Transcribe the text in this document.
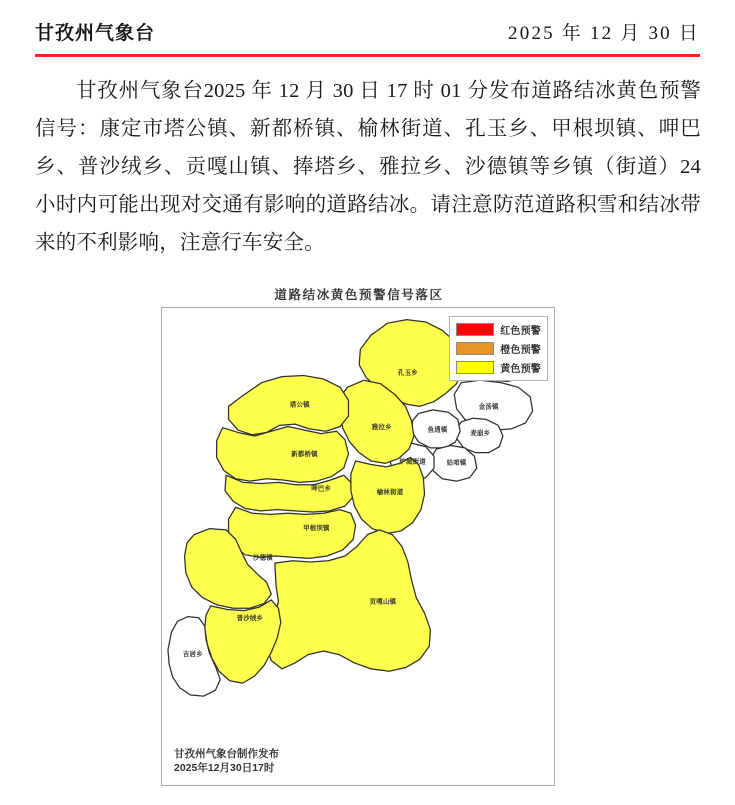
甘孜州气象台	2025 年 12 月 30 日

甘孜州气象台2025 年 12 月 30 日 17 时 01 分发布道路结冰黄色预警信号：康定市塔公镇、新都桥镇、榆林街道、孔玉乡、甲根坝镇、呷巴乡、普沙绒乡、贡嘎山镇、捧塔乡、雅拉乡、沙德镇等乡镇（街道）24 小时内可能出现对交通有影响的道路结冰。请注意防范道路积雪和结冰带来的不利影响，注意行车安全。

道路结冰黄色预警信号落区
塔公镇
孔玉乡
雅拉乡
新都桥镇
榆林街道
呷巴乡
甲根坝镇
沙德镇
贡嘎山镇
普沙绒乡
金汤镇
鱼通镇
麦崩乡
姑咱镇
炉城街道
吉居乡
红色预警
橙色预警
黄色预警
甘孜州气象台制作发布
2025年12月30日17时
